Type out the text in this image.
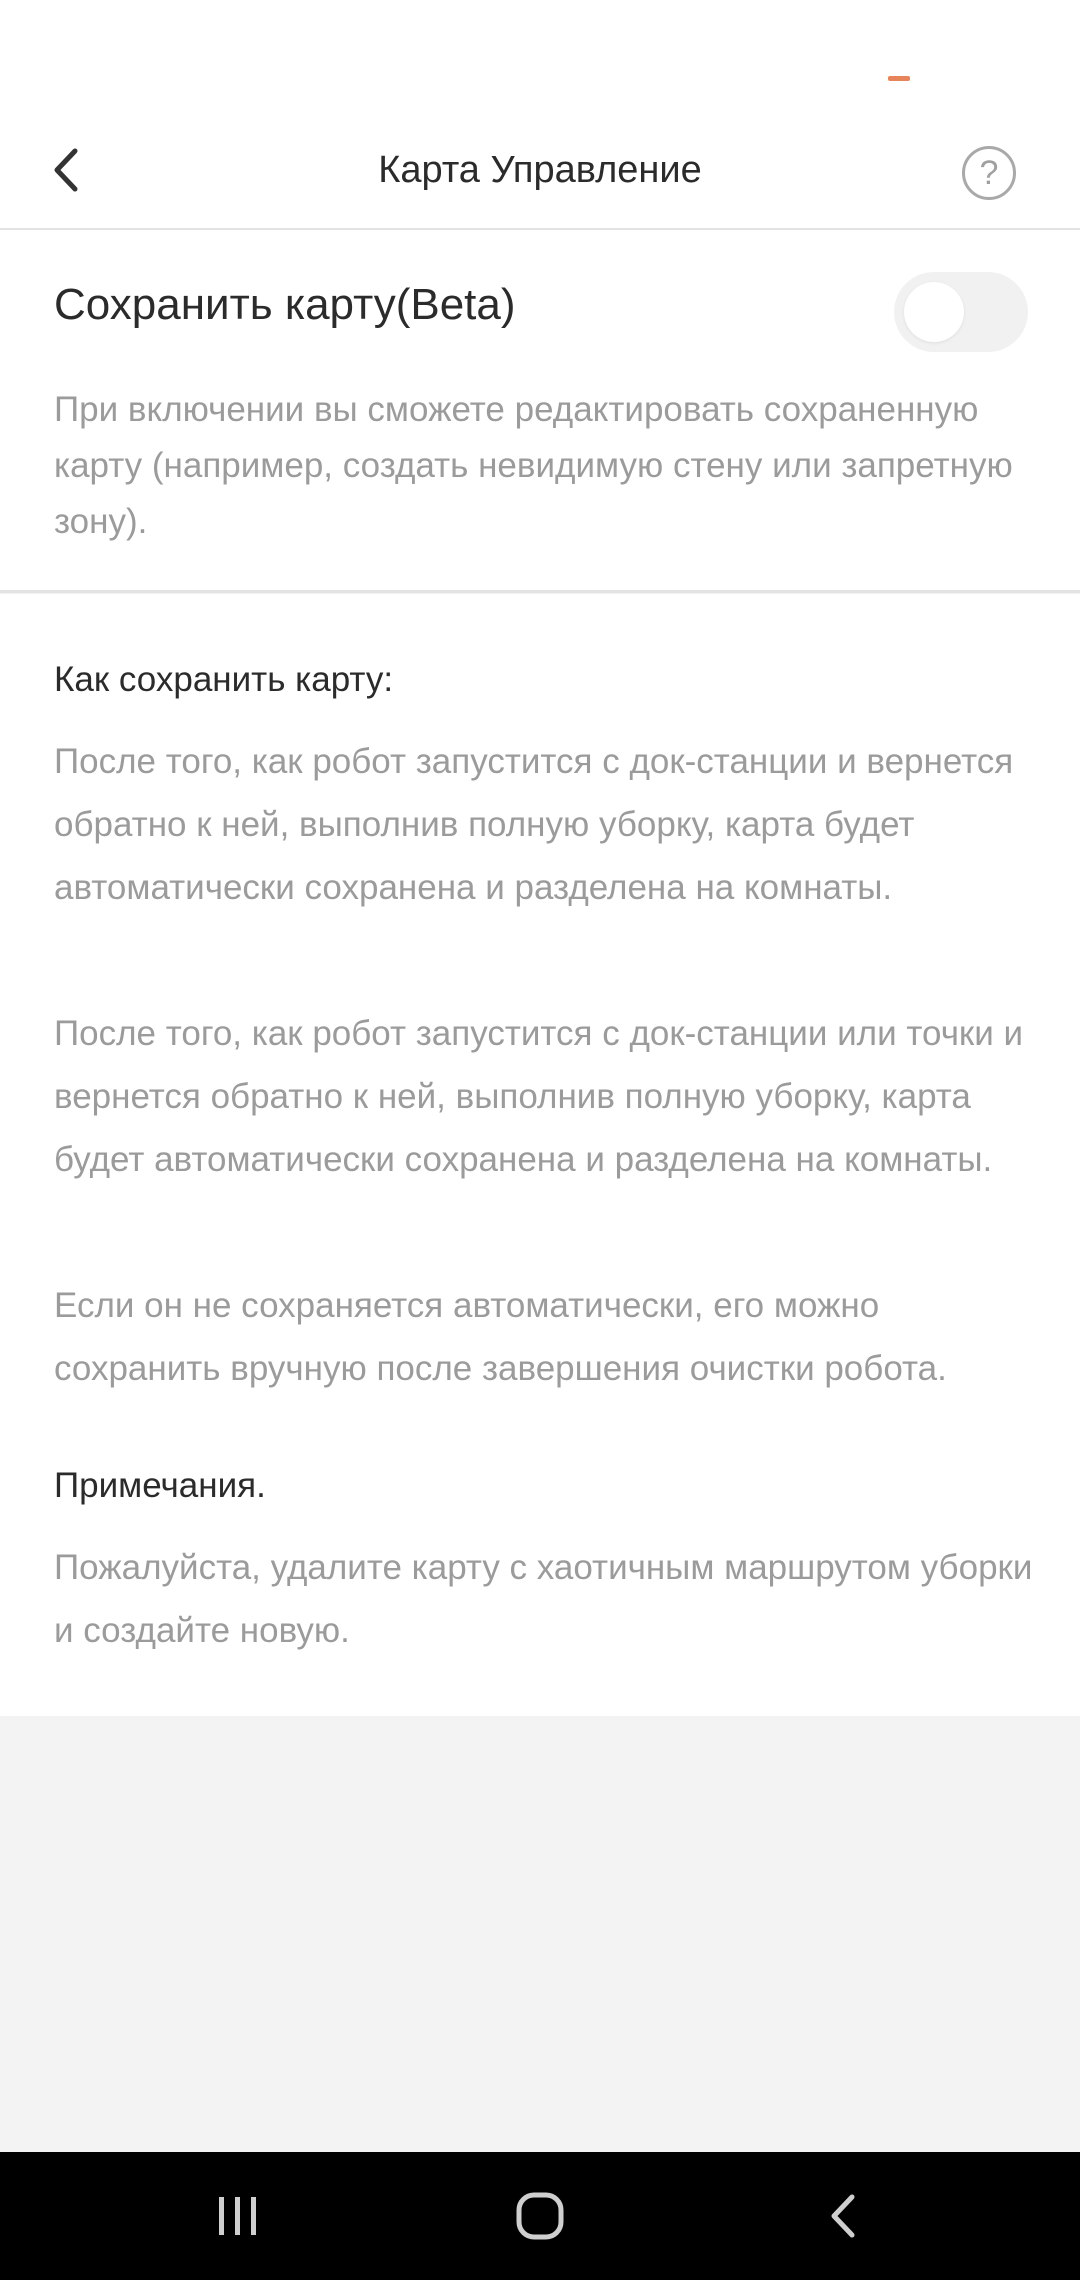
Карта Управление	?
Сохранить карту(Beta)

При включении вы сможете редактировать сохраненную карту (например, создать невидимую стену или запретную зону).

Как сохранить карту:

После того, как робот запустится с док-станции и вернется обратно к ней, выполнив полную уборку, карта будет автоматически сохранена и разделена на комнаты.

После того, как робот запустится с док-станции или точки и вернется обратно к ней, выполнив полную уборку, карта будет автоматически сохранена и разделена на комнаты.

Если он не сохраняется автоматически, его можно сохранить вручную после завершения очистки робота.

Примечания.

Пожалуйста, удалите карту с хаотичным маршрутом уборки и создайте новую.
